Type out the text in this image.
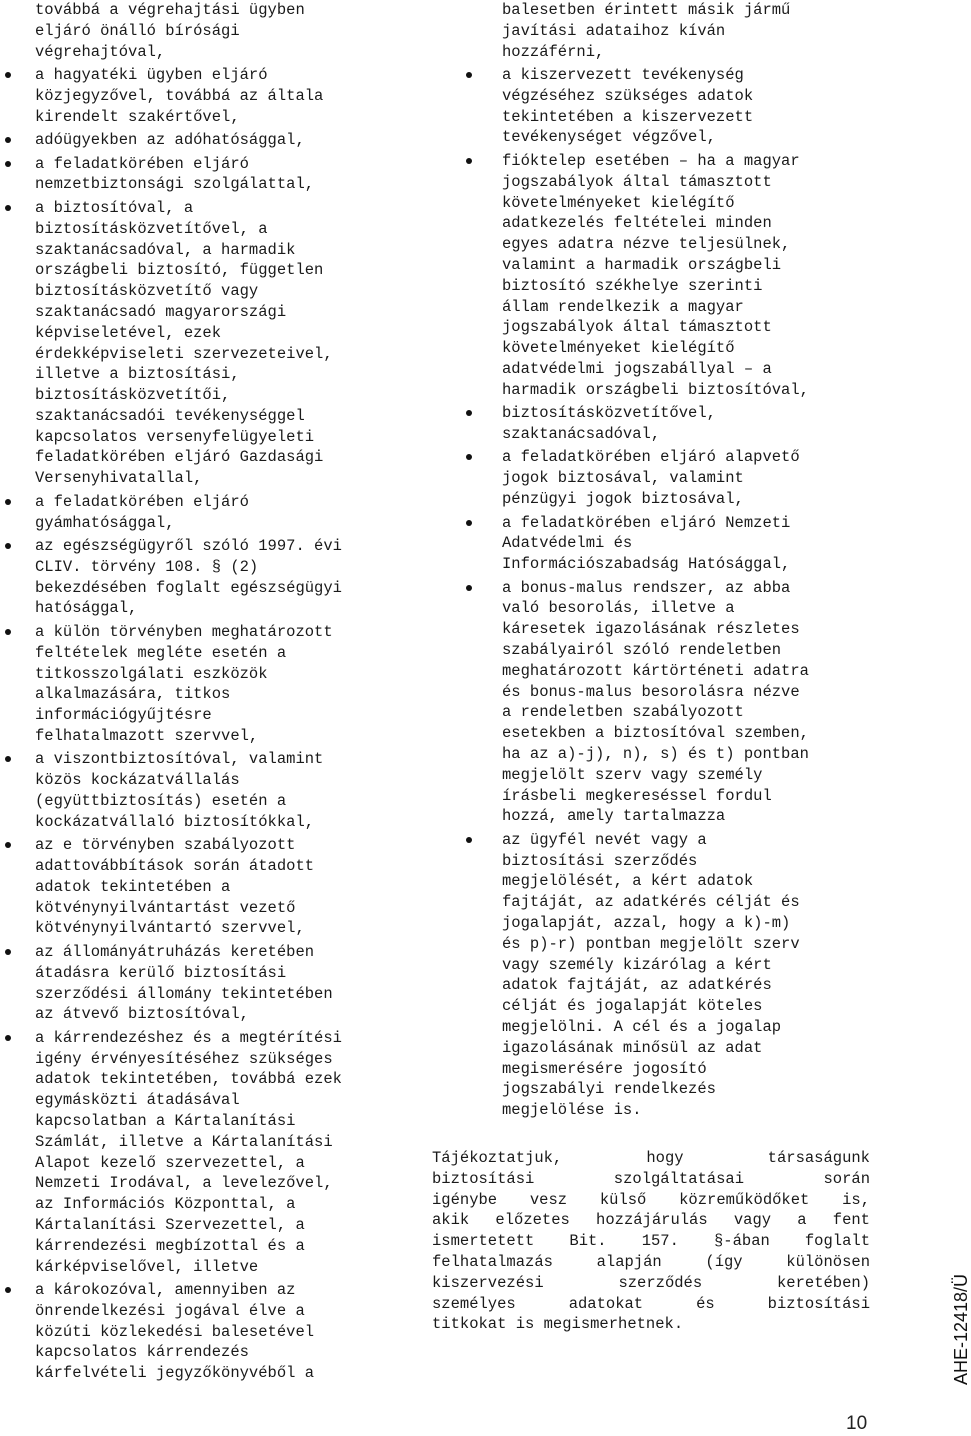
továbbá a végrehajtási ügyben
eljáró önálló bírósági
végrehajtóval,
a hagyatéki ügyben eljáró
közjegyzővel, továbbá az általa
kirendelt szakértővel,
adóügyekben az adóhatósággal,
a feladatkörében eljáró
nemzetbiztonsági szolgálattal,
a biztosítóval, a
biztosításközvetítővel, a
szaktanácsadóval, a harmadik
országbeli biztosító, független
biztosításközvetítő vagy
szaktanácsadó magyarországi
képviseletével, ezek
érdekképviseleti szervezeteivel,
illetve a biztosítási,
biztosításközvetítői,
szaktanácsadói tevékenységgel
kapcsolatos versenyfelügyeleti
feladatkörében eljáró Gazdasági
Versenyhivatallal,
a feladatkörében eljáró
gyámhatósággal,
az egészségügyről szóló 1997. évi
CLIV. törvény 108. § (2)
bekezdésében foglalt egészségügyi
hatósággal,
a külön törvényben meghatározott
feltételek megléte esetén a
titkosszolgálati eszközök
alkalmazására, titkos
információgyűjtésre
felhatalmazott szervvel,
a viszontbiztosítóval, valamint
közös kockázatvállalás
(együttbiztosítás) esetén a
kockázatvállaló biztosítókkal,
az e törvényben szabályozott
adattovábbítások során átadott
adatok tekintetében a
kötvénynyilvántartást vezető
kötvénynyilvántartó szervvel,
az állományátruházás keretében
átadásra kerülő biztosítási
szerződési állomány tekintetében
az átvevő biztosítóval,
a kárrendezéshez és a megtérítési
igény érvényesítéséhez szükséges
adatok tekintetében, továbbá ezek
egymásközti átadásával
kapcsolatban a Kártalanítási
Számlát, illetve a Kártalanítási
Alapot kezelő szervezettel, a
Nemzeti Irodával, a levelezővel,
az Információs Központtal, a
Kártalanítási Szervezettel, a
kárrendezési megbízottal és a
kárképviselővel, illetve
a károkozóval, amennyiben az
önrendelkezési jogával élve a
közúti közlekedési balesetével
kapcsolatos kárrendezés
kárfelvételi jegyzőkönyvéből a
balesetben érintett másik jármű
javítási adataihoz kíván
hozzáférni,
a kiszervezett tevékenység
végzéséhez szükséges adatok
tekintetében a kiszervezett
tevékenységet végzővel,
fióktelep esetében – ha a magyar
jogszabályok által támasztott
követelményeket kielégítő
adatkezelés feltételei minden
egyes adatra nézve teljesülnek,
valamint a harmadik országbeli
biztosító székhelye szerinti
állam rendelkezik a magyar
jogszabályok által támasztott
követelményeket kielégítő
adatvédelmi jogszabállyal – a
harmadik országbeli biztosítóval,
biztosításközvetítővel,
szaktanácsadóval,
a feladatkörében eljáró alapvető
jogok biztosával, valamint
pénzügyi jogok biztosával,
a feladatkörében eljáró Nemzeti
Adatvédelmi és
Információszabadság Hatósággal,
a bonus-malus rendszer, az abba
való besorolás, illetve a
káresetek igazolásának részletes
szabályairól szóló rendeletben
meghatározott kártörténeti adatra
és bonus-malus besorolásra nézve
a rendeletben szabályozott
esetekben a biztosítóval szemben,
ha az a)-j), n), s) és t) pontban
megjelölt szerv vagy személy
írásbeli megkereséssel fordul
hozzá, amely tartalmazza
az ügyfél nevét vagy a
biztosítási szerződés
megjelölését, a kért adatok
fajtáját, az adatkérés célját és
jogalapját, azzal, hogy a k)-m)
és p)-r) pontban megjelölt szerv
vagy személy kizárólag a kért
adatok fajtáját, az adatkérés
célját és jogalapját köteles
megjelölni. A cél és a jogalap
igazolásának minősül az adat
megismerésére jogosító
jogszabályi rendelkezés
megjelölése is.
Tájékoztatjuk, hogy társaságunk
biztosítási szolgáltatásai során
igénybe vesz külső közreműködőket is,
akik előzetes hozzájárulás vagy a fent
ismertetett Bit. 157. §-ában foglalt
felhatalmazás alapján (így különösen
kiszervezési szerződés keretében)
személyes adatokat és biztosítási
titkokat is megismerhetnek.	AHE-12418/Ü
10
